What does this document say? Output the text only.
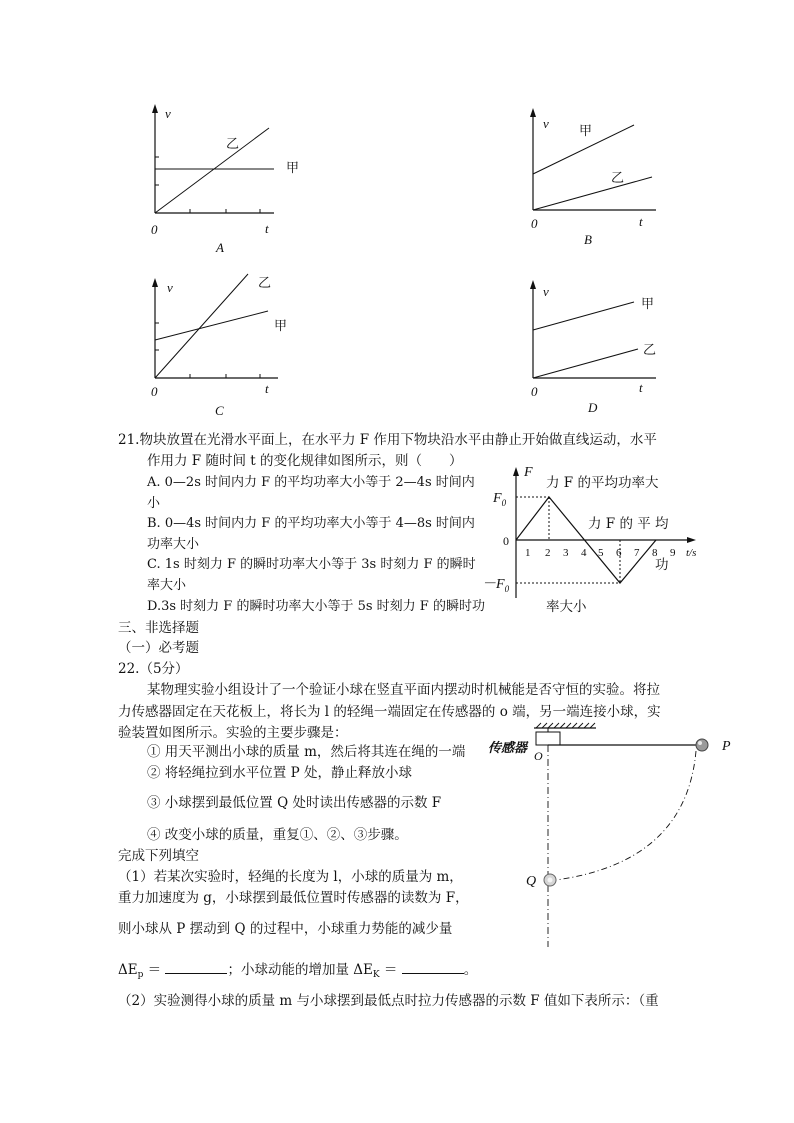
v
乙
甲
0	t
A
v 甲
乙
0	t
B
v	乙
甲
0	t
C
v
甲
乙
0	t
D
21.物块放置在光滑水平面上，在水平力 F 作用下物块沿水平由静止开始做直线运动，水平
作用力 F 随时间 t 的变化规律如图所示，则（　　）
A. 0—2s 时间内力 F 的平均功率大小等于 2—4s 时间内
小
B. 0—4s 时间内力 F 的平均功率大小等于 4—8s 时间内
功率大小
C. 1s 时刻力 F 的瞬时功率大小等于 3s 时刻力 F 的瞬时
率大小
D.3s 时刻力 F 的瞬时功率大小等于 5s 时刻力 F 的瞬时功
力 F 的平均功率大
力 F 的 平 均
功
率大小
F
$F_0$
$-F_0$
0
t/s
1 2 3 4 5 6 7 8 9
三、非选择题
（一）必考题
22.（5分）
某物理实验小组设计了一个验证小球在竖直平面内摆动时机械能是否守恒的实验。将拉
力传感器固定在天花板上，将长为 l 的轻绳一端固定在传感器的 o 端，另一端连接小球，实
验装置如图所示。实验的主要步骤是：
① 用天平测出小球的质量 m，然后将其连在绳的一端
② 将轻绳拉到水平位置 P 处，静止释放小球
③ 小球摆到最低位置 Q 处时读出传感器的示数 F
④ 改变小球的质量，重复①、②、③步骤。
完成下列填空
（1）若某次实验时，轻绳的长度为 l，小球的质量为 m，
重力加速度为 g，小球摆到最低位置时传感器的读数为 F，
则小球从 P 摆动到 Q 的过程中，小球重力势能的减少量
$\Delta E_p$ ＝	；小球动能的增加量 $\Delta E_K$ ＝	。
（2）实验测得小球的质量 m 与小球摆到最低点时拉力传感器的示数 F 值如下表所示：（重
传感器
O
P
Q
